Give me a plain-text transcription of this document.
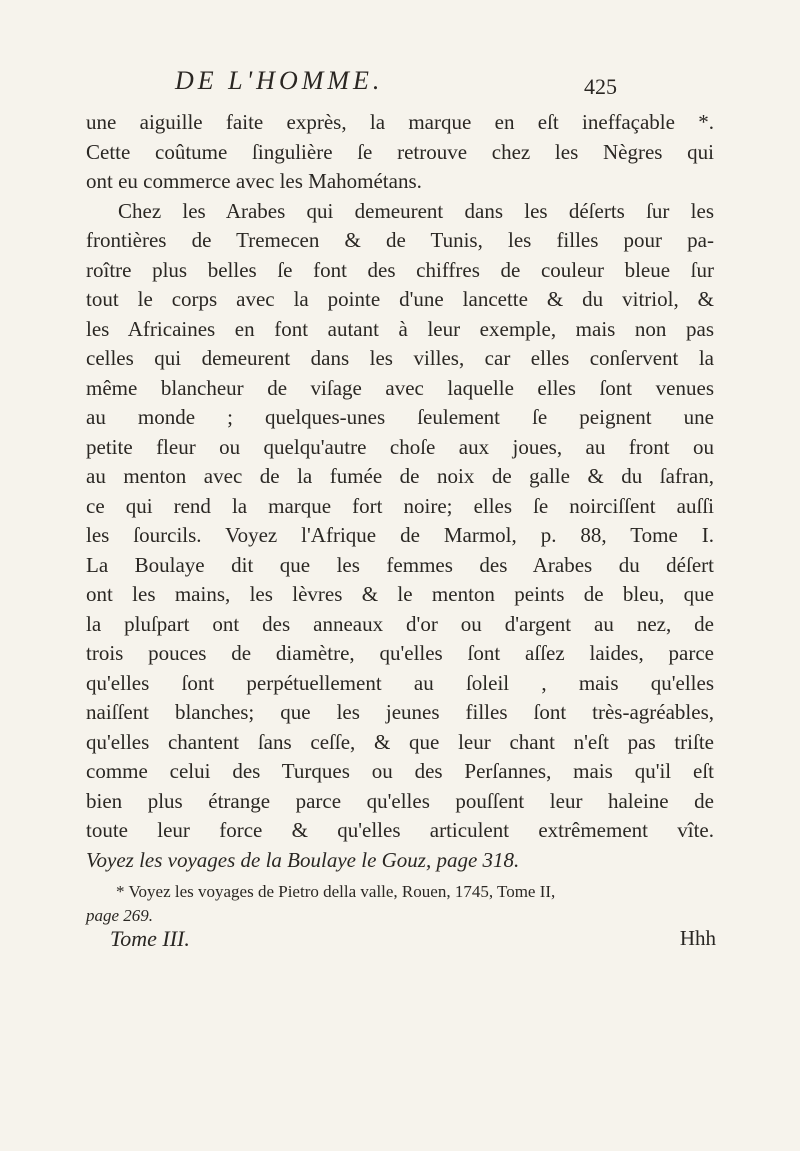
DE L'HOMME.	425
une aiguille faite exprès, la marque en eſt ineffaçable *.
Cette coûtume ſingulière ſe retrouve chez les Nègres qui
ont eu commerce avec les Mahométans.
Chez les Arabes qui demeurent dans les déſerts ſur les
frontières de Tremecen & de Tunis, les filles pour pa-
roître plus belles ſe font des chiffres de couleur bleue ſur
tout le corps avec la pointe d'une lancette & du vitriol, &
les Africaines en font autant à leur exemple, mais non pas
celles qui demeurent dans les villes, car elles conſervent la
même blancheur de viſage avec laquelle elles ſont venues
au monde ; quelques-unes ſeulement ſe peignent une
petite fleur ou quelqu'autre choſe aux joues, au front ou
au menton avec de la fumée de noix de galle & du ſafran,
ce qui rend la marque fort noire; elles ſe noirciſſent auſſi
les ſourcils. Voyez l'Afrique de Marmol, p. 88, Tome I.
La Boulaye dit que les femmes des Arabes du déſert
ont les mains, les lèvres & le menton peints de bleu, que
la pluſpart ont des anneaux d'or ou d'argent au nez, de
trois pouces de diamètre, qu'elles ſont aſſez laides, parce
qu'elles ſont perpétuellement au ſoleil , mais qu'elles
naiſſent blanches; que les jeunes filles ſont très-agréables,
qu'elles chantent ſans ceſſe, & que leur chant n'eſt pas triſte
comme celui des Turques ou des Perſannes, mais qu'il eſt
bien plus étrange parce qu'elles pouſſent leur haleine de
toute leur force & qu'elles articulent extrêmement vîte.
Voyez les voyages de la Boulaye le Gouz, page 318.
* Voyez les voyages de Pietro della valle, Rouen, 1745, Tome II,
page 269.
Tome III.	Hhh
